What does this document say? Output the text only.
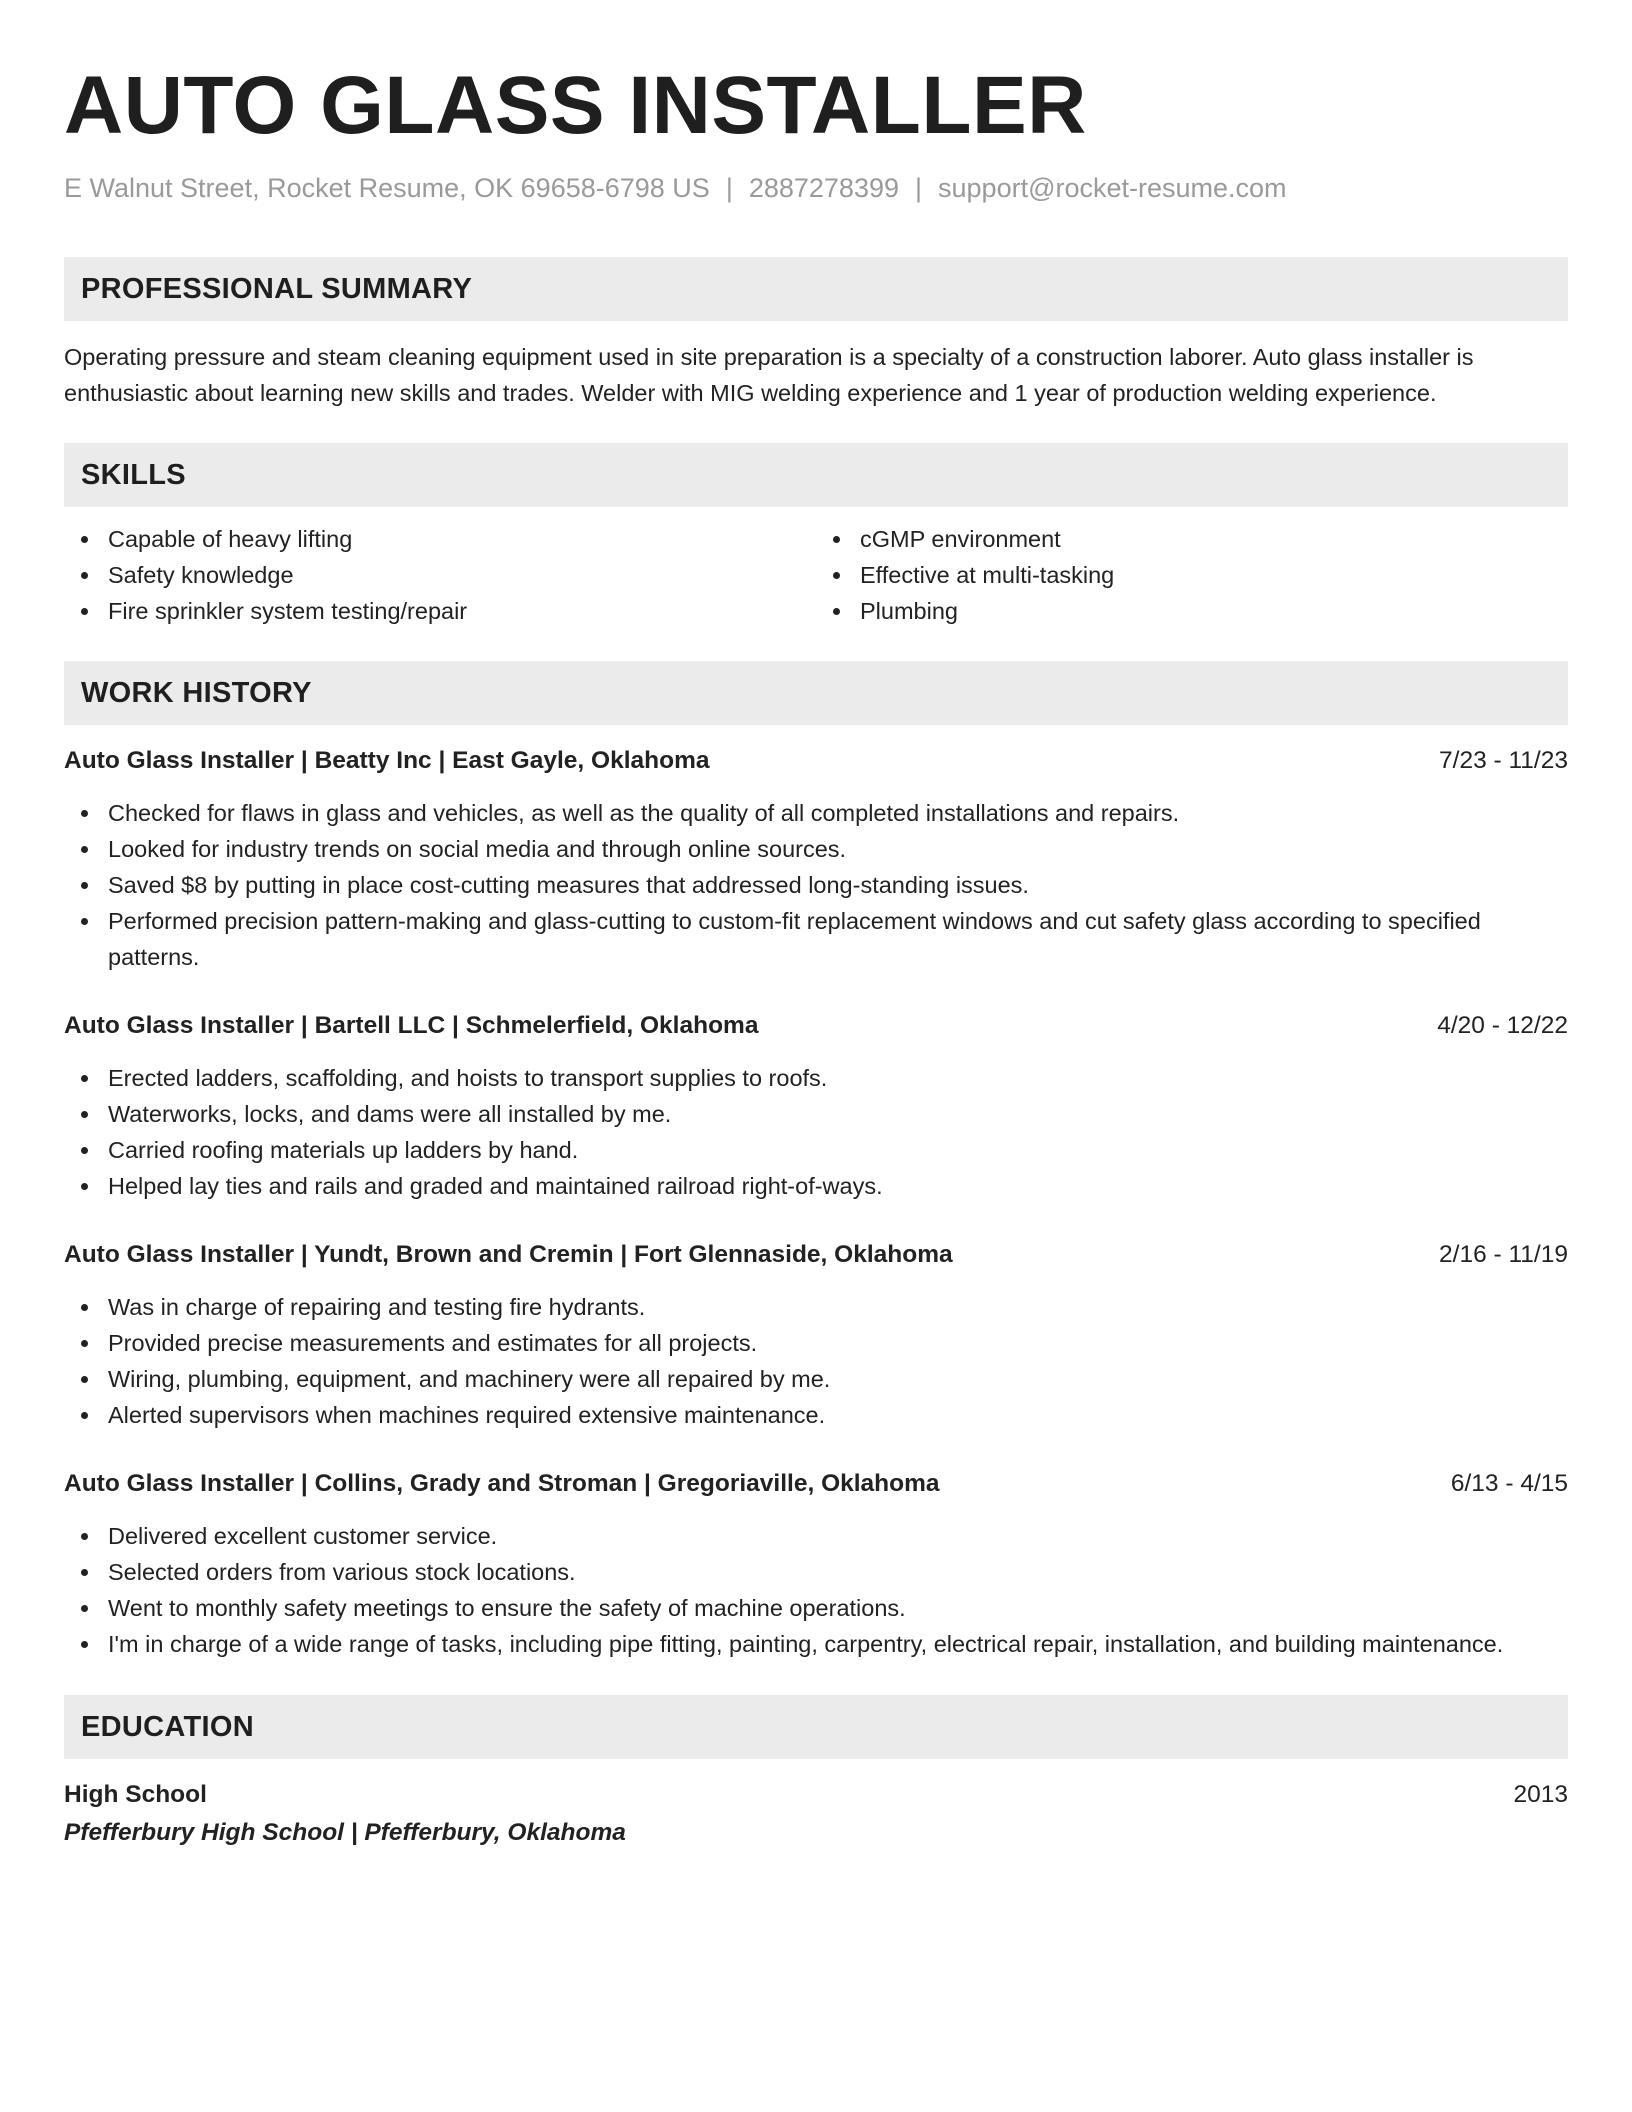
AUTO GLASS INSTALLER
E Walnut Street, Rocket Resume, OK 69658-6798 US | 2887278399 | support@rocket-resume.com
PROFESSIONAL SUMMARY

Operating pressure and steam cleaning equipment used in site preparation is a specialty of a construction laborer. Auto glass installer is enthusiastic about learning new skills and trades. Welder with MIG welding experience and 1 year of production welding experience.

SKILLS
Capable of heavy lifting
Safety knowledge
Fire sprinkler system testing/repair
cGMP environment
Effective at multi-tasking
Plumbing
WORK HISTORY
Auto Glass Installer | Beatty Inc | East Gayle, Oklahoma	7/23 - 11/23
Checked for flaws in glass and vehicles, as well as the quality of all completed installations and repairs.
Looked for industry trends on social media and through online sources.
Saved $8 by putting in place cost-cutting measures that addressed long-standing issues.
Performed precision pattern-making and glass-cutting to custom-fit replacement windows and cut safety glass according to specified patterns.
Auto Glass Installer | Bartell LLC | Schmelerfield, Oklahoma	4/20 - 12/22
Erected ladders, scaffolding, and hoists to transport supplies to roofs.
Waterworks, locks, and dams were all installed by me.
Carried roofing materials up ladders by hand.
Helped lay ties and rails and graded and maintained railroad right-of-ways.
Auto Glass Installer | Yundt, Brown and Cremin | Fort Glennaside, Oklahoma	2/16 - 11/19
Was in charge of repairing and testing fire hydrants.
Provided precise measurements and estimates for all projects.
Wiring, plumbing, equipment, and machinery were all repaired by me.
Alerted supervisors when machines required extensive maintenance.
Auto Glass Installer | Collins, Grady and Stroman | Gregoriaville, Oklahoma	6/13 - 4/15
Delivered excellent customer service.
Selected orders from various stock locations.
Went to monthly safety meetings to ensure the safety of machine operations.
I'm in charge of a wide range of tasks, including pipe fitting, painting, carpentry, electrical repair, installation, and building maintenance.
EDUCATION
High School	2013
Pfefferbury High School | Pfefferbury, Oklahoma
